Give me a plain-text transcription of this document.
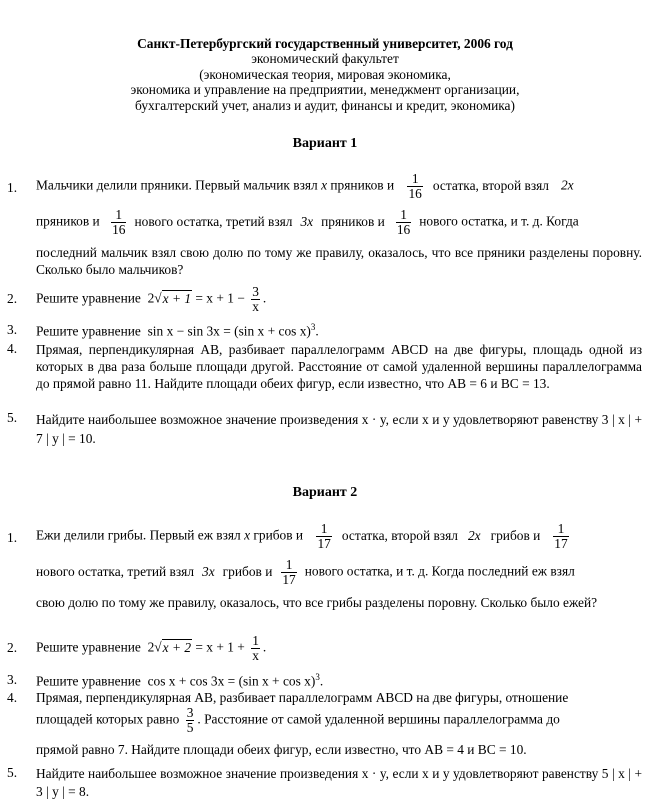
Санкт-Петербургский государственный университет, 2006 год
экономический факультет
(экономическая теория, мировая экономика,
экономика и управление на предприятии, менеджмент организации,
бухгалтерский учет, анализ и аудит, финансы и кредит, экономика)
Вариант 1
1. Мальчики делили пряники. Первый мальчик взял x пряников и $\frac{1}{16}$ остатка, второй взял 2x
пряников и $\frac{1}{16}$ нового остатка, третий взял 3x пряников и $\frac{1}{16}$ нового остатка, и т. д. Когда
последний мальчик взял свою долю по тому же правилу, оказалось, что все пряники разделены поровну. Сколько было мальчиков?
2. Решите уравнение $2√x + 1 = x + 1 - \frac{3}{x}$ .
3. Решите уравнение sin x − sin 3x = (sin x + cos x)$^3$.
4. Прямая, перпендикулярная AB, разбивает параллелограмм ABCD на две фигуры, площадь одной из которых в два раза больше площади другой. Расстояние от самой удаленной вершины параллелограмма до прямой равно 11. Найдите площади обеих фигур, если известно, что AB = 6 и BC = 13.
5. Найдите наибольшее возможное значение произведения x · y, если x и y удовлетворяют равенству 3 | x | + 7 | y | = 10.
Вариант 2
1. Ежи делили грибы. Первый еж взял x грибов и $\frac{1}{17}$ остатка, второй взял 2x грибов и $\frac{1}{17}$
нового остатка, третий взял 3x грибов и $\frac{1}{17}$ нового остатка, и т. д. Когда последний еж взял
свою долю по тому же правилу, оказалось, что все грибы разделены поровну. Сколько было ежей?
2. Решите уравнение $2√x + 2 = x + 1 + \frac{1}{x}$ .
3. Решите уравнение cos x + cos 3x = (sin x + cos x)$^3$.
4. Прямая, перпендикулярная AB, разбивает параллелограмм ABCD на две фигуры, отношение
площадей которых равно $\frac{3}{5}$ . Расстояние от самой удаленной вершины параллелограмма до
прямой равно 7. Найдите площади обеих фигур, если известно, что AB = 4 и BC = 10.
5. Найдите наибольшее возможное значение произведения x · y, если x и y удовлетворяют равенству 5 | x | + 3 | y | = 8.
